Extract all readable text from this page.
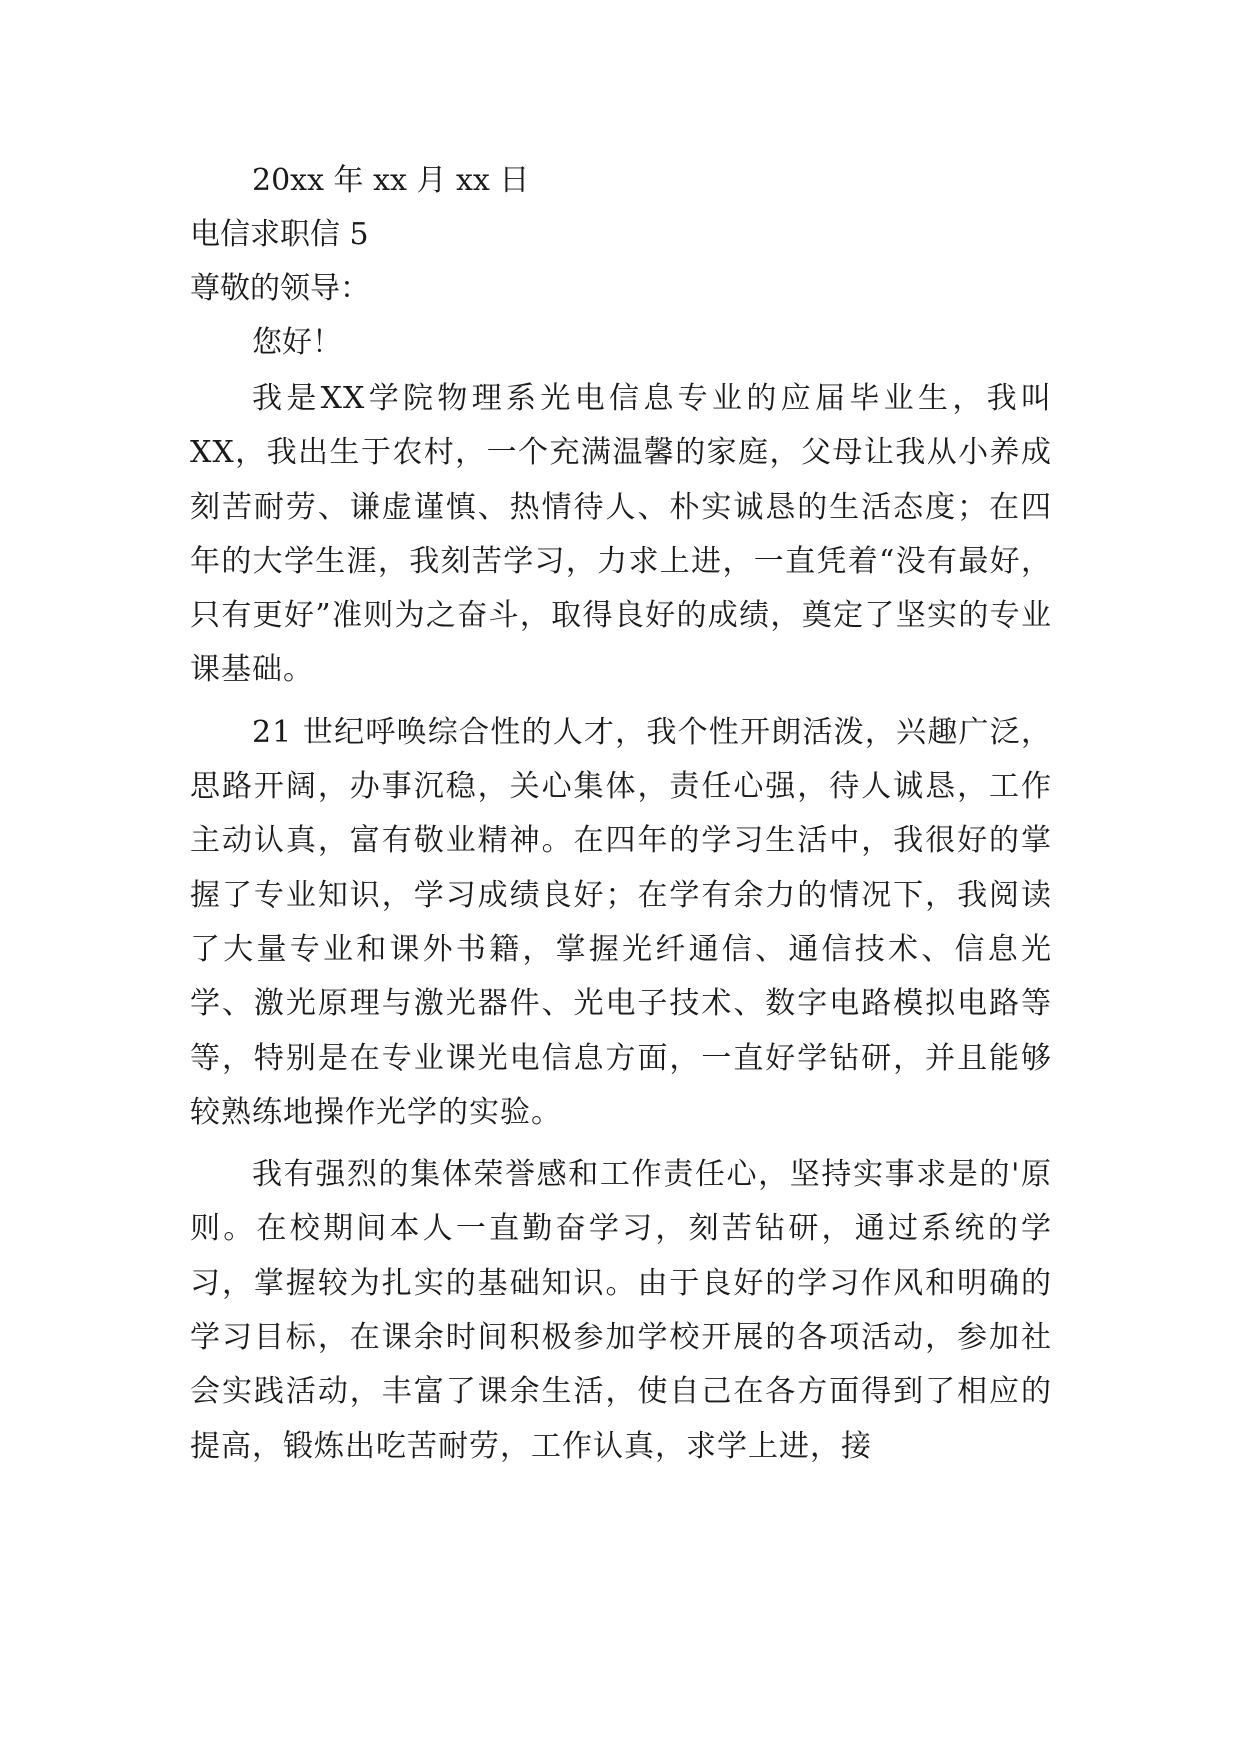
20xx 年 xx 月 xx 日
电信求职信 5
尊敬的领导：
您好！

我是XX学院物理系光电信息专业的应届毕业生，我叫XX，我出生于农村，一个充满温馨的家庭，父母让我从小养成刻苦耐劳、谦虚谨慎、热情待人、朴实诚恳的生活态度；在四年的大学生涯，我刻苦学习，力求上进，一直凭着“没有最好，只有更好”准则为之奋斗，取得良好的成绩，奠定了坚实的专业课基础。

21 世纪呼唤综合性的人才，我个性开朗活泼，兴趣广泛，思路开阔，办事沉稳，关心集体，责任心强，待人诚恳，工作主动认真，富有敬业精神。在四年的学习生活中，我很好的掌握了专业知识，学习成绩良好；在学有余力的情况下，我阅读了大量专业和课外书籍，掌握光纤通信、通信技术、信息光学、激光原理与激光器件、光电子技术、数字电路模拟电路等等，特别是在专业课光电信息方面，一直好学钻研，并且能够较熟练地操作光学的实验。

我有强烈的集体荣誉感和工作责任心，坚持实事求是的'原则。在校期间本人一直勤奋学习，刻苦钻研，通过系统的学习，掌握较为扎实的基础知识。由于良好的学习作风和明确的学习目标，在课余时间积极参加学校开展的各项活动，参加社会实践活动，丰富了课余生活，使自己在各方面得到了相应的提高，锻炼出吃苦耐劳，工作认真，求学上进，接
